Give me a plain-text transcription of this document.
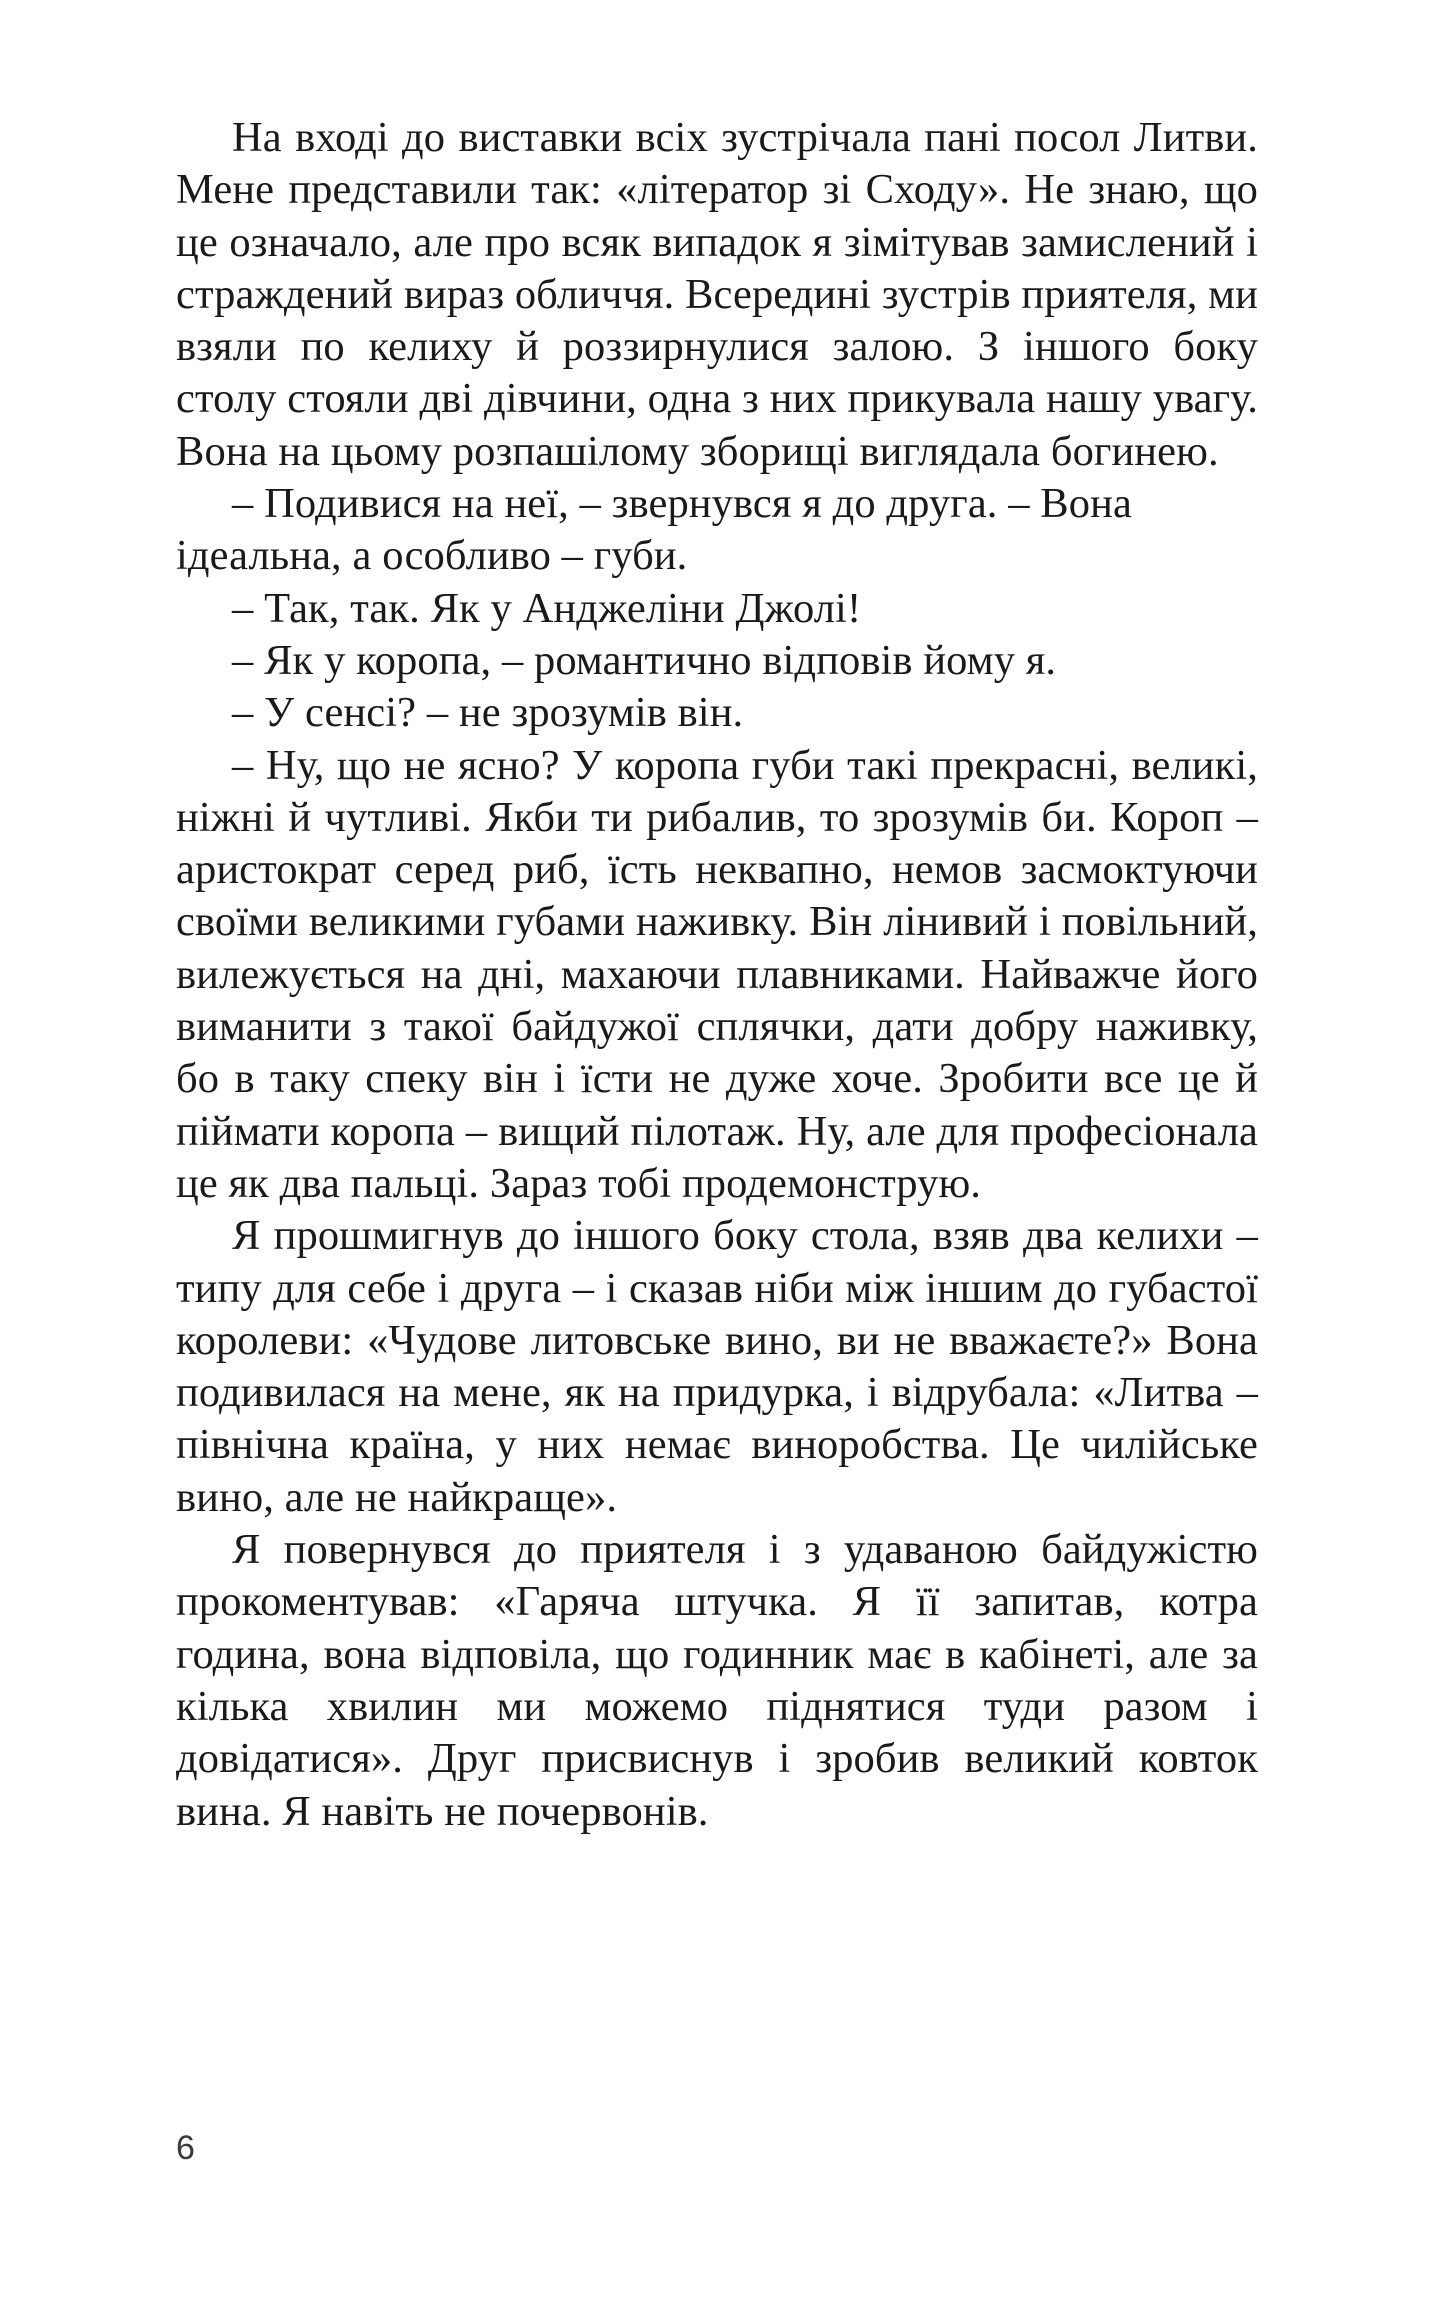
На вході до виставки всіх зустрічала пані посол Литви. Мене представили так: «літератор зі Сходу». Не знаю, що це означало, але про всяк випадок я зімітував замислений і страждений вираз обличчя. Всередині зустрів приятеля, ми взяли по келиху й роззирнулися залою. З іншого боку столу стояли дві дівчини, одна з них прикувала нашу увагу. Вона на цьому розпашілому зборищі виглядала богинею.

– Подивися на неї, – звернувся я до друга. – Вона ідеальна, а особливо – губи.

– Так, так. Як у Анджеліни Джолі!

– Як у коропа, – романтично відповів йому я.

– У сенсі? – не зрозумів він.

– Ну, що не ясно? У коропа губи такі прекрасні, великі, ніжні й чутливі. Якби ти рибалив, то зрозумів би. Короп – аристократ серед риб, їсть неквапно, немов засмоктуючи своїми великими губами наживку. Він лінивий і повільний, вилежується на дні, махаючи плавниками. Найважче його виманити з такої байдужої сплячки, дати добру наживку, бо в таку спеку він і їсти не дуже хоче. Зробити все це й піймати коропа – вищий пілотаж. Ну, але для професіонала це як два пальці. Зараз тобі продемонструю.

Я прошмигнув до іншого боку стола, взяв два келихи – типу для себе і друга – і сказав ніби між іншим до губастої королеви: «Чудове литовське вино, ви не вважаєте?» Вона подивилася на мене, як на придурка, і відрубала: «Литва – північна країна, у них немає виноробства. Це чилійське вино, але не найкраще».

Я повернувся до приятеля і з удаваною байдужістю прокоментував: «Гаряча штучка. Я її запитав, котра година, вона відповіла, що годинник має в кабінеті, але за кілька хвилин ми можемо піднятися туди разом і довідатися». Друг присвиснув і зробив великий ковток вина. Я навіть не почервонів.

6
